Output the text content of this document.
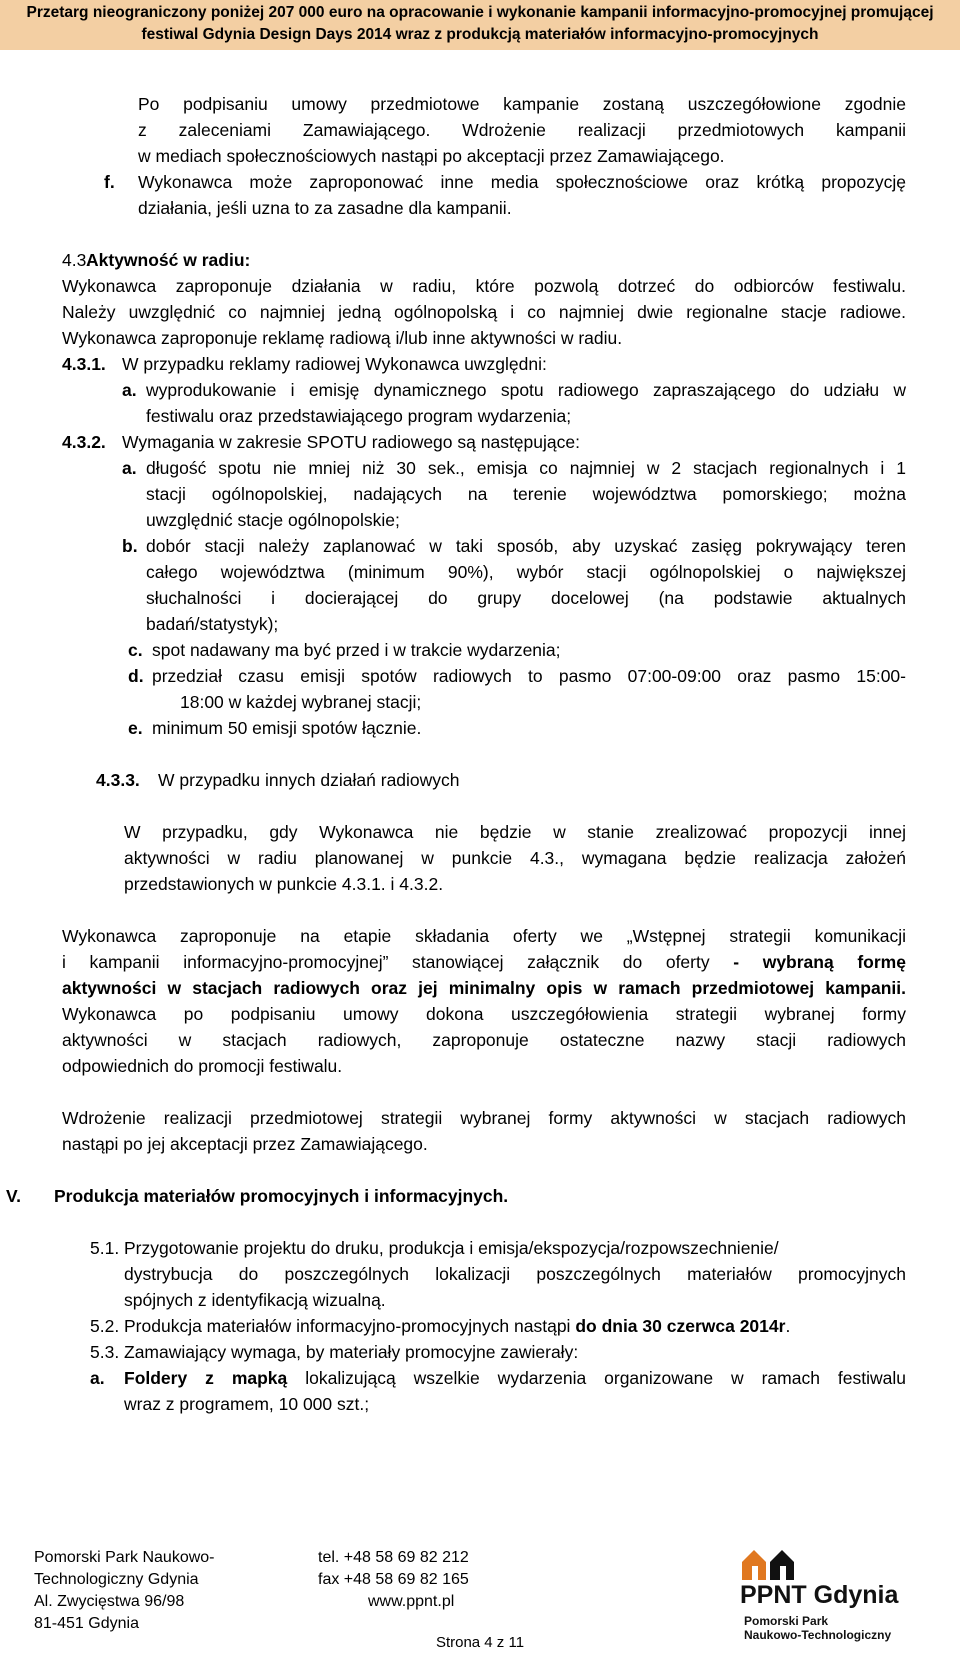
Przetarg nieograniczony poniżej 207 000 euro na opracowanie i wykonanie kampanii informacyjno-promocyjnej promującej
festiwal Gdynia Design Days 2014 wraz z produkcją materiałów informacyjno-promocyjnych
Po podpisaniu umowy przedmiotowe kampanie zostaną uszczegółowione zgodnie
z zaleceniami Zamawiającego. Wdrożenie realizacji przedmiotowych kampanii
w mediach społecznościowych nastąpi po akceptacji przez Zamawiającego.
f. Wykonawca może zaproponować inne media społecznościowe oraz krótką propozycję
działania, jeśli uzna to za zasadne dla kampanii.
4.3.
Aktywność w radiu:
Wykonawca zaproponuje działania w radiu, które pozwolą dotrzeć do odbiorców festiwalu.
Należy uwzględnić co najmniej jedną ogólnopolską i co najmniej dwie regionalne stacje radiowe.
Wykonawca zaproponuje reklamę radiową i/lub inne aktywności w radiu.
4.3.1. W przypadku reklamy radiowej Wykonawca uwzględni:
a. wyprodukowanie i emisję dynamicznego spotu radiowego zapraszającego do udziału w
festiwalu oraz przedstawiającego program wydarzenia;
4.3.2. Wymagania w zakresie SPOTU radiowego są następujące:
a. długość spotu nie mniej niż 30 sek., emisja co najmniej w 2 stacjach regionalnych i 1
stacji ogólnopolskiej, nadających na terenie województwa pomorskiego; można
uwzględnić stacje ogólnopolskie;
b. dobór stacji należy zaplanować w taki sposób, aby uzyskać zasięg pokrywający teren
całego województwa (minimum 90%), wybór stacji ogólnopolskiej o największej
słuchalności i docierającej do grupy docelowej (na podstawie aktualnych
badań/statystyk);
c. spot nadawany ma być przed i w trakcie wydarzenia;
d. przedział czasu emisji spotów radiowych to pasmo 07:00-09:00 oraz pasmo 15:00-
18:00 w każdej wybranej stacji;
e. minimum 50 emisji spotów łącznie.
4.3.3. W przypadku innych działań radiowych
W przypadku, gdy Wykonawca nie będzie w stanie zrealizować propozycji innej
aktywności w radiu planowanej w punkcie 4.3., wymagana będzie realizacja założeń
przedstawionych w punkcie 4.3.1. i 4.3.2.
Wykonawca zaproponuje na etapie składania oferty we „Wstępnej strategii komunikacji
i kampanii informacyjno-promocyjnej” stanowiącej załącznik do oferty - wybraną formę
aktywności w stacjach radiowych oraz jej minimalny opis w ramach przedmiotowej kampanii.
Wykonawca po podpisaniu umowy dokona uszczegółowienia strategii wybranej formy
aktywności w stacjach radiowych, zaproponuje ostateczne nazwy stacji radiowych
odpowiednich do promocji festiwalu.
Wdrożenie realizacji przedmiotowej strategii wybranej formy aktywności w stacjach radiowych
nastąpi po jej akceptacji przez Zamawiającego.
V. Produkcja materiałów promocyjnych i informacyjnych.
5.1. Przygotowanie projektu do druku, produkcja i emisja/ekspozycja/rozpowszechnienie/
dystrybucja do poszczególnych lokalizacji poszczególnych materiałów promocyjnych
spójnych z identyfikacją wizualną.
5.2. Produkcja materiałów informacyjno-promocyjnych nastąpi do dnia 30 czerwca 2014r.
5.3. Zamawiający wymaga, by materiały promocyjne zawierały:
a. Foldery z mapką lokalizującą wszelkie wydarzenia organizowane w ramach festiwalu
wraz z programem, 10 000 szt.;
Pomorski Park Naukowo-
Technologiczny Gdynia
Al. Zwycięstwa 96/98
81-451 Gdynia
tel. +48 58 69 82 212
fax +48 58 69 82 165
www.ppnt.pl	PPNT Gdynia
Pomorski Park
Naukowo-Technologiczny
Strona 4 z 11
